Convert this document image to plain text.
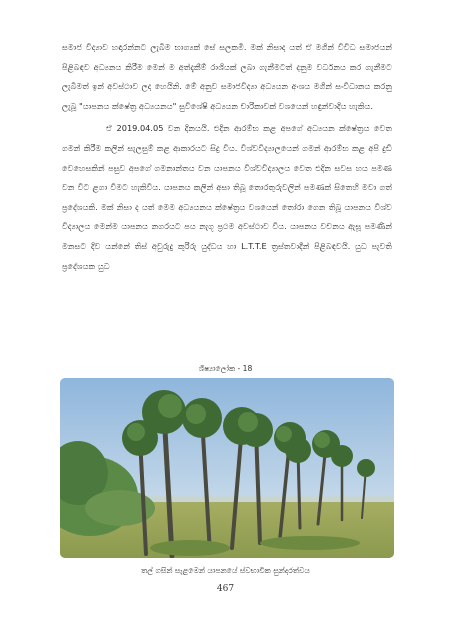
සමාජ විද්‍යාව හඳාරන්නට ලැබීම භාග්‍යක් සේ සලකමි. මක් නිසාද යත් ඒ මගින් විවිධ සමාජයන් පිළිබඳව අධ්‍යනය කිරීම මෙන් ම අත්දැකීම් රාශියක් ලබා ගැනීමටත් දනුම වර්ධනය කර ගැනීමට ලැබීමත් ඉන් අවස්ථාව ලද හෙයිනි. මේ අනුව සමාජවිද්‍යා අධ්‍යයන අංශය මගින් සංවිධානය කරනු ලැබූ "යාපනය ක්ෂේත්‍ර අධ්‍යයනය" සුවිශේෂි අධ්‍යයන චාරිකාවක් වශයෙන් හඳුන්වාදිය හැකිය.

ඒ 2019.04.05 වන දිනයයි. එදින ආරම්භ කළ අපගේ අධ්‍යයන ක්ෂේත්‍රය වෙත ගමන් කිරීම කලින් සැලසුම් කළ ආකාරයට සිදු විය. විශ්වවිද්‍යාලයෙන් ගමන් ආරම්භ කළ අපි දුඩි වෙහෙසකින් පසුව අපගේ ගමනාන්තය වන යාපනය විශ්වවිද්‍යාලය වෙත එදින සවස හය පමණ වන විට ළගා වීමට හැකිවිය. යාපනය කලින් අසා තිබූ තොරතුරුවලින් පමණක් සිතෙහි මවා ගත් ප්‍රදේශයකි. මක් නිසා ද යත් මෙම අධ්‍යයනය ක්ෂේත්‍රය වශයෙන් තෝරා ගෙන තිබූ යාපනය විශ්ව විද්‍යාලය මෙන්ම යාපනය නගරයට පය නැගූ ප්‍රථම අවස්ථාව විය. යාපනය වචනය ඇසූ පමණින් මනසට දිව යන්නේ තිස් අවුරුදු කුරිරු යුද්ධය හා L.T.T.E ත්‍රස්තවාදීන් පිළිබඳවයි. යුධ පැවති ප්‍රදේශයක යුධ

ශිෂ්‍යාලෝක - 18
තල් ගසින් සැළමෙන් යාපනයේ ස්වභාවික සුන්දරත්වය
467
